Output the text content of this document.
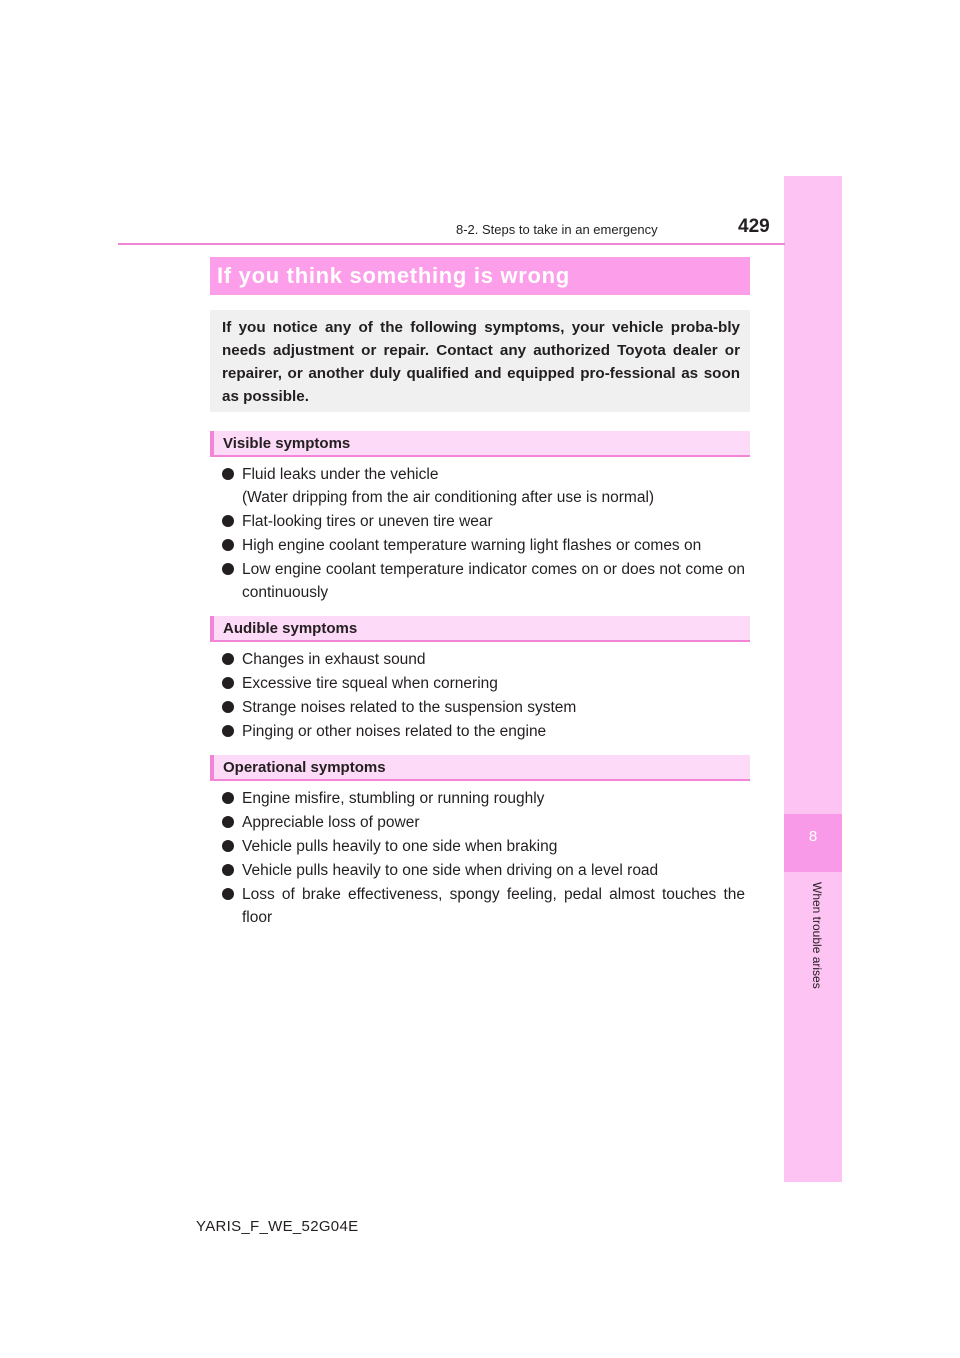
8
When trouble arises
8-2. Steps to take in an emergency	429
If you think something is wrong
If you notice any of the following symptoms, your vehicle proba-bly needs adjustment or repair. Contact any authorized Toyota dealer or repairer, or another duly qualified and equipped pro-fessional as soon as possible.
Visible symptoms
Fluid leaks under the vehicle
(Water dripping from the air conditioning after use is normal)
Flat-looking tires or uneven tire wear
High engine coolant temperature warning light flashes or comes on
Low engine coolant temperature indicator comes on or does not come on continuously
Audible symptoms
Changes in exhaust sound
Excessive tire squeal when cornering
Strange noises related to the suspension system
Pinging or other noises related to the engine
Operational symptoms
Engine misfire, stumbling or running roughly
Appreciable loss of power
Vehicle pulls heavily to one side when braking
Vehicle pulls heavily to one side when driving on a level road
Loss of brake effectiveness, spongy feeling, pedal almost touches the floor
YARIS_F_WE_52G04E
